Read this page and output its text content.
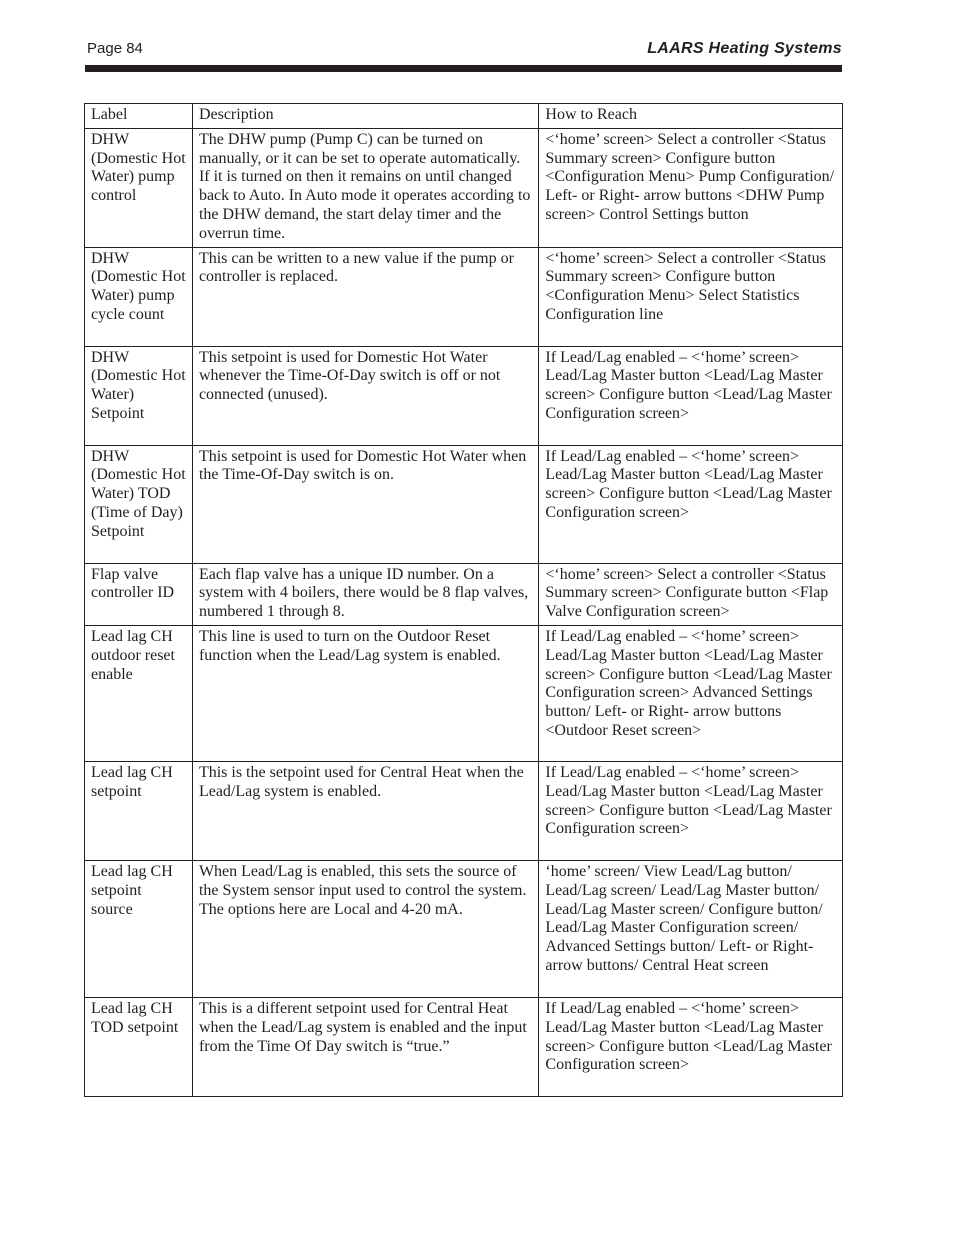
Page 84	LAARS Heating Systems
Label	Description	How to Reach
DHW (Domestic Hot Water) pump control	The DHW pump (Pump C) can be turned on manually, or it can be set to operate automatically. If it is turned on then it remains on until changed back to Auto. In Auto mode it operates according to the DHW demand, the start delay timer and the overrun time.	<‘home’ screen> Select a controller <Status Summary screen> Configure button <Configuration Menu> Pump Configuration/ Left- or Right- arrow buttons <DHW Pump screen> Control Settings button
DHW (Domestic Hot Water) pump cycle count	This can be written to a new value if the pump or controller is replaced.	<‘home’ screen> Select a controller <Status Summary screen> Configure button <Configuration Menu> Select Statistics Configuration line
DHW (Domestic Hot Water) Setpoint	This setpoint is used for Domestic Hot Water whenever the Time-Of-Day switch is off or not connected (unused).	If Lead/Lag enabled – <‘home’ screen> Lead/Lag Master button <Lead/Lag Master screen> Configure button <Lead/Lag Master Configuration screen>
DHW (Domestic Hot Water) TOD (Time of Day) Setpoint	This setpoint is used for Domestic Hot Water when the Time-Of-Day switch is on.	If Lead/Lag enabled – <‘home’ screen> Lead/Lag Master button <Lead/Lag Master screen> Configure button <Lead/Lag Master Configuration screen>
Flap valve controller ID	Each flap valve has a unique ID number. On a system with 4 boilers, there would be 8 flap valves, numbered 1 through 8.	<‘home’ screen> Select a controller <Status Summary screen> Configurate button <Flap Valve Configuration screen>
Lead lag CH outdoor reset enable	This line is used to turn on the Outdoor Reset function when the Lead/Lag system is enabled.	If Lead/Lag enabled – <‘home’ screen> Lead/Lag Master button <Lead/Lag Master screen> Configure button <Lead/Lag Master Configuration screen> Advanced Settings button/ Left- or Right- arrow buttons <Outdoor Reset screen>
Lead lag CH setpoint	This is the setpoint used for Central Heat when the Lead/Lag system is enabled.	If Lead/Lag enabled – <‘home’ screen> Lead/Lag Master button <Lead/Lag Master screen> Configure button <Lead/Lag Master Configuration screen>
Lead lag CH setpoint source	When Lead/Lag is enabled, this sets the source of the System sensor input used to control the system. The options here are Local and 4-20 mA.	‘home’ screen/ View Lead/Lag button/ Lead/Lag screen/ Lead/Lag Master button/ Lead/Lag Master screen/ Configure button/ Lead/Lag Master Configuration screen/ Advanced Settings button/ Left- or Right- arrow buttons/ Central Heat screen
Lead lag CH TOD setpoint	This is a different setpoint used for Central Heat when the Lead/Lag system is enabled and the input from the Time Of Day switch is “true.”	If Lead/Lag enabled – <‘home’ screen> Lead/Lag Master button <Lead/Lag Master screen> Configure button <Lead/Lag Master Configuration screen>
